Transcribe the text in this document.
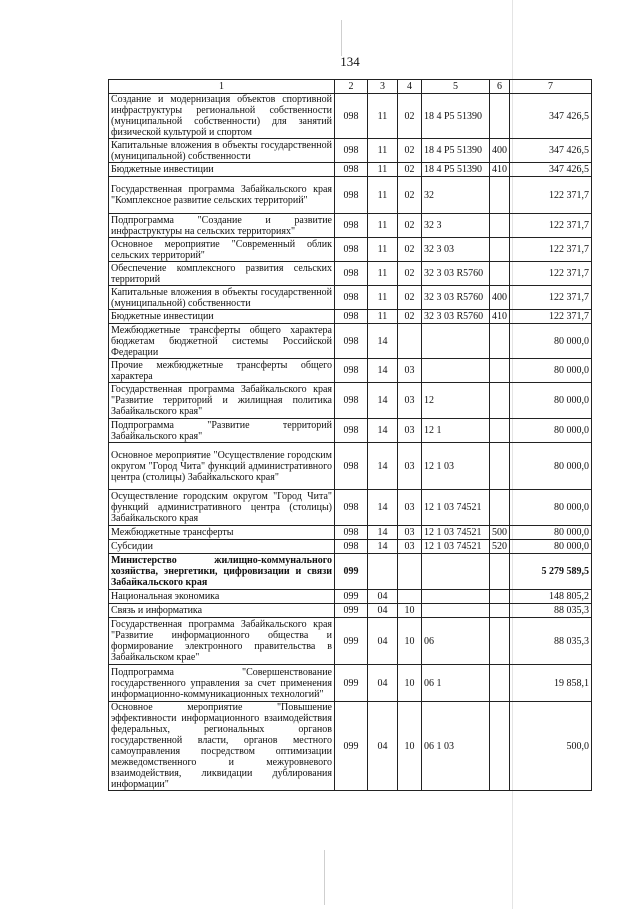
134
1	2	3	4	5	6	7
Создание и модернизация объектов спортивной инфраструктуры региональной собственности (муниципальной собственности) для занятий физической культурой и спортом	098	11	02	18 4 P5 51390		347 426,5
Капитальные вложения в объекты государственной (муниципальной) собственности	098	11	02	18 4 P5 51390	400	347 426,5
Бюджетные инвестиции	098	11	02	18 4 P5 51390	410	347 426,5
Государственная программа Забайкальского края "Комплексное развитие сельских территорий"	098	11	02	32		122 371,7
Подпрограмма "Создание и развитие инфраструктуры на сельских территориях"	098	11	02	32 3		122 371,7
Основное мероприятие "Современный облик сельских территорий"	098	11	02	32 3 03		122 371,7
Обеспечение комплексного развития сельских территорий	098	11	02	32 3 03 R5760		122 371,7
Капитальные вложения в объекты государственной (муниципальной) собственности	098	11	02	32 3 03 R5760	400	122 371,7
Бюджетные инвестиции	098	11	02	32 3 03 R5760	410	122 371,7
Межбюджетные трансферты общего характера бюджетам бюджетной системы Российской Федерации	098	14				80 000,0
Прочие межбюджетные трансферты общего характера	098	14	03			80 000,0
Государственная программа Забайкальского края "Развитие территорий и жилищная политика Забайкальского края"	098	14	03	12		80 000,0
Подпрограмма "Развитие территорий Забайкальского края"	098	14	03	12 1		80 000,0
Основное мероприятие "Осуществление городским округом "Город Чита" функций административного центра (столицы) Забайкальского края"	098	14	03	12 1 03		80 000,0
Осуществление городским округом "Город Чита" функций административного центра (столицы) Забайкальского края	098	14	03	12 1 03 74521		80 000,0
Межбюджетные трансферты	098	14	03	12 1 03 74521	500	80 000,0
Субсидии	098	14	03	12 1 03 74521	520	80 000,0
Министерство жилищно-коммунального хозяйства, энергетики, цифровизации и связи Забайкальского края	099					5 279 589,5
Национальная экономика	099	04				148 805,2
Связь и информатика	099	04	10			88 035,3
Государственная программа Забайкальского края "Развитие информационного общества и формирование электронного правительства в Забайкальском крае"	099	04	10	06		88 035,3
Подпрограмма "Совершенствование государственного управления за счет применения информационно-коммуникационных технологий"	099	04	10	06 1		19 858,1
Основное мероприятие "Повышение эффективности информационного взаимодействия федеральных, региональных органов государственной власти, органов местного самоуправления посредством оптимизации межведомственного и межуровневого взаимодействия, ликвидации дублирования информации"	099	04	10	06 1 03		500,0
